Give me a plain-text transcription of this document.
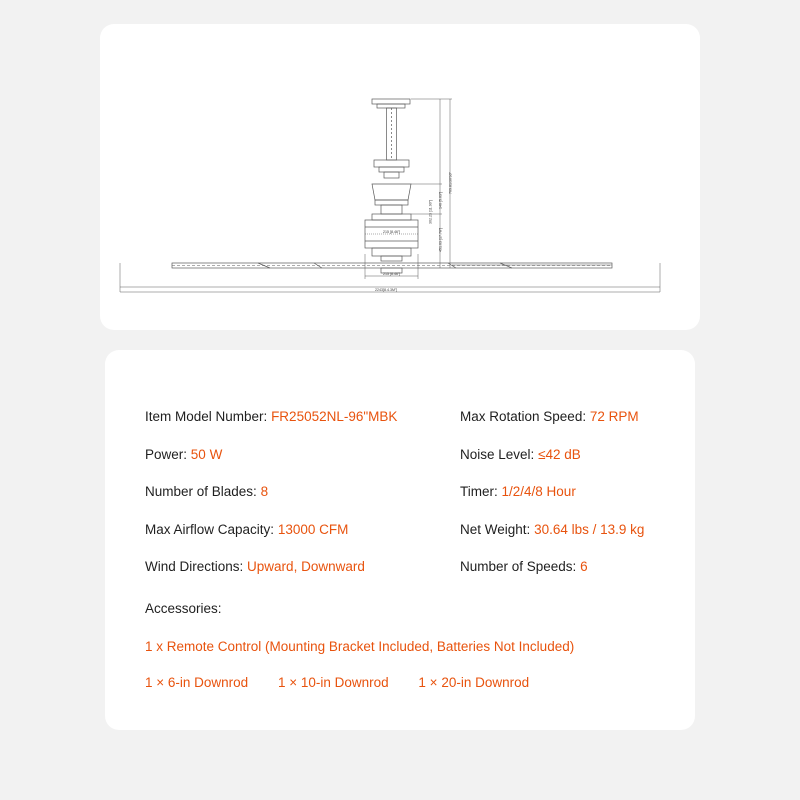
769.81/30'30"
146 [5.03"]
451.63 [17.78"]
302.23 [11.90"]
215 [8.46"]
215 [8.46"]
2243[8.4.3M"]
Item Model Number: FR25052NL-96"MBK	Max Rotation Speed: 72 RPM
Power: 50 W	Noise Level: ≤42 dB
Number of Blades: 8	Timer: 1/2/4/8 Hour
Max Airflow Capacity: 13000 CFM	Net Weight: 30.64 lbs / 13.9 kg
Wind Directions: Upward, Downward	Number of Speeds: 6
Accessories:
1 x Remote Control (Mounting Bracket Included, Batteries Not Included)
1 × 6-in Downrod 1 × 10-in Downrod 1 × 20-in Downrod
